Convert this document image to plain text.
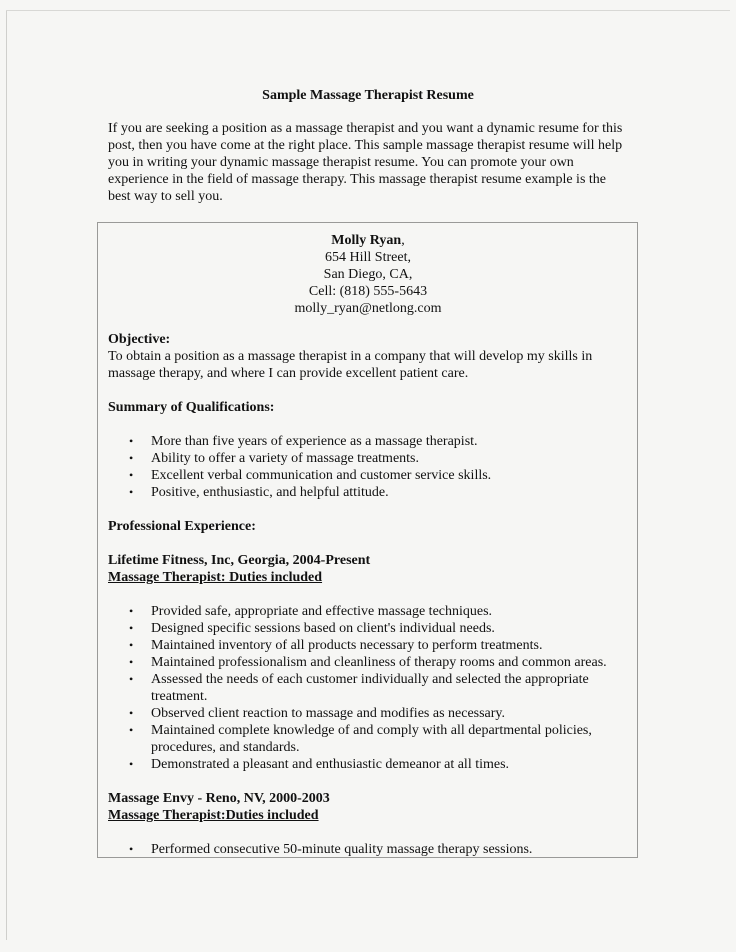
Sample Massage Therapist Resume
If you are seeking a position as a massage therapist and you want a dynamic resume for this post, then you have come at the right place. This sample massage therapist resume will help you in writing your dynamic massage therapist resume. You can promote your own experience in the field of massage therapy. This massage therapist resume example is the best way to sell you.
Molly Ryan,
654 Hill Street,
San Diego, CA,
Cell: (818) 555-5643
molly_ryan@netlong.com
Objective:
To obtain a position as a massage therapist in a company that will develop my skills in massage therapy, and where I can provide excellent patient care.
Summary of Qualifications:
• More than five years of experience as a massage therapist.
• Ability to offer a variety of massage treatments.
• Excellent verbal communication and customer service skills.
• Positive, enthusiastic, and helpful attitude.
Professional Experience:
Lifetime Fitness, Inc, Georgia, 2004-Present
Massage Therapist: Duties included
• Provided safe, appropriate and effective massage techniques.
• Designed specific sessions based on client's individual needs.
• Maintained inventory of all products necessary to perform treatments.
• Maintained professionalism and cleanliness of therapy rooms and common areas.
• Assessed the needs of each customer individually and selected the appropriate treatment.
• Observed client reaction to massage and modifies as necessary.
• Maintained complete knowledge of and comply with all departmental policies, procedures, and standards.
• Demonstrated a pleasant and enthusiastic demeanor at all times.
Massage Envy - Reno, NV, 2000-2003
Massage Therapist:Duties included
• Performed consecutive 50-minute quality massage therapy sessions.
